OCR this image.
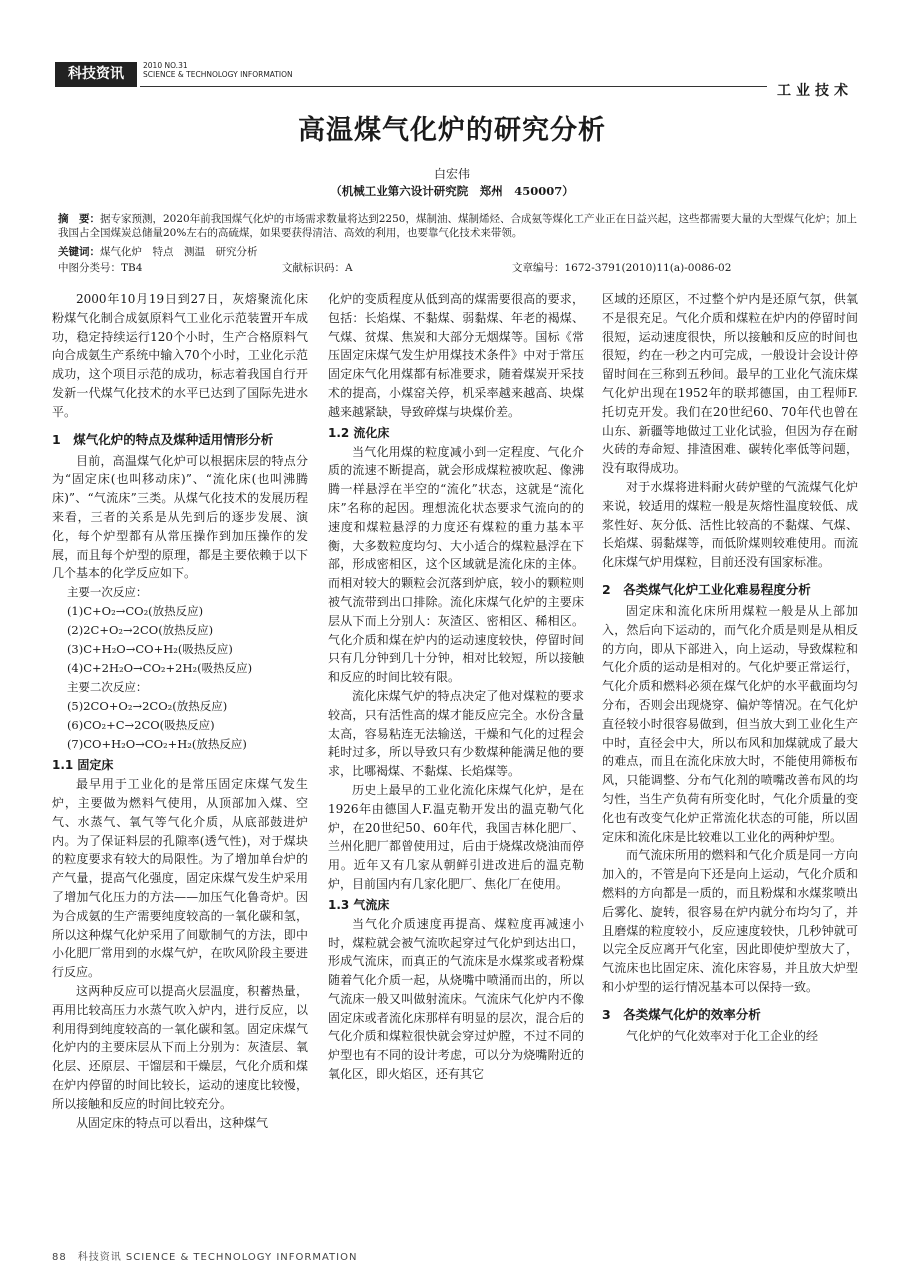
科技资讯
2010 NO.31
SCIENCE & TECHNOLOGY INFORMATION
工业技术
高温煤气化炉的研究分析
白宏伟
（机械工业第六设计研究院　郑州　450007）
摘　要：据专家预测，2020年前我国煤气化炉的市场需求数量将达到2250，煤制油、煤制烯烃、合成氨等煤化工产业正在日益兴起，这些都需要大量的大型煤气化炉；加上我国占全国煤炭总储量20%左右的高硫煤，如果要获得清洁、高效的利用，也要靠气化技术来带领。
关键词：煤气化炉　特点　测温　研究分析
中图分类号：TB4	文献标识码：A	文章编号：1672-3791(2010)11(a)-0086-02

2000年10月19日到27日，灰熔聚流化床粉煤气化制合成氨原料气工业化示范装置开车成功，稳定持续运行120个小时，生产合格原料气向合成氨生产系统中输入70个小时，工业化示范成功，这个项目示范的成功，标志着我国自行开发新一代煤气化技术的水平已达到了国际先进水平。

1　煤气化炉的特点及煤种适用情形分析

目前，高温煤气化炉可以根据床层的特点分为“固定床(也叫移动床)”、“流化床(也叫沸腾床)”、“气流床”三类。从煤气化技术的发展历程来看，三者的关系是从先到后的逐步发展、演化，每个炉型都有从常压操作到加压操作的发展，而且每个炉型的原理，都是主要依赖于以下几个基本的化学反应如下。

主要一次反应：

(1)C+O₂→CO₂(放热反应)

(2)2C+O₂→2CO(放热反应)

(3)C+H₂O→CO+H₂(吸热反应)

(4)C+2H₂O→CO₂+2H₂(吸热反应)

主要二次反应：

(5)2CO+O₂→2CO₂(放热反应)

(6)CO₂+C→2CO(吸热反应)

(7)CO+H₂O→CO₂+H₂(放热反应)

1.1 固定床

最早用于工业化的是常压固定床煤气发生炉，主要做为燃料气使用，从顶部加入煤、空气、水蒸气、氧气等气化介质，从底部鼓进炉内。为了保证料层的孔隙率(透气性)，对于煤块的粒度要求有较大的局限性。为了增加单台炉的产气量，提高气化强度，固定床煤气发生炉采用了增加气化压力的方法——加压气化鲁奇炉。因为合成氨的生产需要纯度较高的一氧化碳和氢，所以这种煤气化炉采用了间歇制气的方法，即中小化肥厂常用到的水煤气炉，在吹风阶段主要进行反应。

这两种反应可以提高火层温度，积蓄热量，再用比较高压力水蒸气吹入炉内，进行反应，以利用得到纯度较高的一氧化碳和氢。固定床煤气化炉内的主要床层从下而上分别为：灰渣层、氧化层、还原层、干馏层和干燥层，气化介质和煤在炉内停留的时间比较长，运动的速度比较慢，所以接触和反应的时间比较充分。

从固定床的特点可以看出，这种煤气

化炉的变质程度从低到高的煤需要很高的要求，包括：长焰煤、不黏煤、弱黏煤、年老的褐煤、气煤、贫煤、焦炭和大部分无烟煤等。国标《常压固定床煤气发生炉用煤技术条件》中对于常压固定床气化用煤都有标准要求，随着煤炭开采技术的提高，小煤窑关停，机采率越来越高、块煤越来越紧缺，导致碎煤与块煤价差。

1.2 流化床

当气化用煤的粒度减小到一定程度、气化介质的流速不断提高，就会形成煤粒被吹起、像沸腾一样悬浮在半空的“流化”状态，这就是“流化床”名称的起因。理想流化状态要求气流向的的速度和煤粒悬浮的力度还有煤粒的重力基本平衡，大多数粒度均匀、大小适合的煤粒悬浮在下部，形成密相区，这个区域就是流化床的主体。而相对较大的颗粒会沉落到炉底，较小的颗粒则被气流带到出口排除。流化床煤气化炉的主要床层从下而上分别人：灰渣区、密相区、稀相区。气化介质和煤在炉内的运动速度较快，停留时间只有几分钟到几十分钟，相对比较短，所以接触和反应的时间比较有限。

流化床煤气炉的特点决定了他对煤粒的要求较高，只有活性高的煤才能反应完全。水份含量太高，容易粘连无法输送，干燥和气化的过程会耗时过多，所以导致只有少数煤种能满足他的要求，比哪褐煤、不黏煤、长焰煤等。

历史上最早的工业化流化床煤气化炉，是在1926年由德国人F.温克勒开发出的温克勒气化炉，在20世纪50、60年代，我国吉林化肥厂、兰州化肥厂都曾使用过，后由于烧煤改烧油而停用。近年又有几家从朝鲜引进改进后的温克勒炉，目前国内有几家化肥厂、焦化厂在使用。

1.3 气流床

当气化介质速度再提高、煤粒度再减速小时，煤粒就会被气流吹起穿过气化炉到达出口，形成气流床，而真正的气流床是水煤浆或者粉煤随着气化介质一起，从烧嘴中喷涌而出的，所以气流床一般又叫做射流床。气流床气化炉内不像固定床或者流化床那样有明显的层次，混合后的气化介质和煤粒很快就会穿过炉膛，不过不同的炉型也有不同的设计考虑，可以分为烧嘴附近的氧化区，即火焰区，还有其它

区域的还原区，不过整个炉内是还原气氛，供氧不是很充足。气化介质和煤粒在炉内的停留时间很短，运动速度很快，所以接触和反应的时间也很短，约在一秒之内可完成，一般设计会设计停留时间在三称到五秒间。最早的工业化气流床煤气化炉出现在1952年的联邦德国，由工程师F.托切克开发。我们在20世纪60、70年代也曾在山东、新疆等地做过工业化试验，但因为存在耐火砖的寿命短、排渣困难、碳转化率低等问题，没有取得成功。

对于水煤将进料耐火砖炉壁的气流煤气化炉来说，较适用的煤粒一般是灰熔性温度较低、成浆性好、灰分低、活性比较高的不黏煤、气煤、长焰煤、弱黏煤等，而低阶煤则较难使用。而流化床煤气炉用煤粒，目前还没有国家标准。

2　各类煤气化炉工业化难易程度分析

固定床和流化床所用煤粒一般是从上部加入，然后向下运动的，而气化介质是则是从相反的方向，即从下部进入，向上运动，导致煤粒和气化介质的运动是相对的。气化炉要正常运行，气化介质和燃料必须在煤气化炉的水平截面均匀分布，否则会出现烧穿、偏炉等情况。在气化炉直径较小时很容易做到，但当放大到工业化生产中时，直径会中大，所以布风和加煤就成了最大的难点，而且在流化床放大时，不能使用筛板布风，只能调整、分布气化剂的喷嘴改善布风的均匀性，当生产负荷有所变化时，气化介质量的变化也有改变气化炉正常流化状态的可能，所以固定床和流化床是比较难以工业化的两种炉型。

而气流床所用的燃料和气化介质是同一方向加入的，不管是向下还是向上运动，气化介质和燃料的方向都是一质的，而且粉煤和水煤浆喷出后雾化、旋转，很容易在炉内就分布均匀了，并且磨煤的粒度较小，反应速度较快，几秒钟就可以完全反应离开气化室，因此即使炉型放大了，气流床也比固定床、流化床容易，并且放大炉型和小炉型的运行情况基本可以保持一致。

3　各类煤气化炉的效率分析

气化炉的气化效率对于化工企业的经

88　科技资讯 SCIENCE & TECHNOLOGY INFORMATION
